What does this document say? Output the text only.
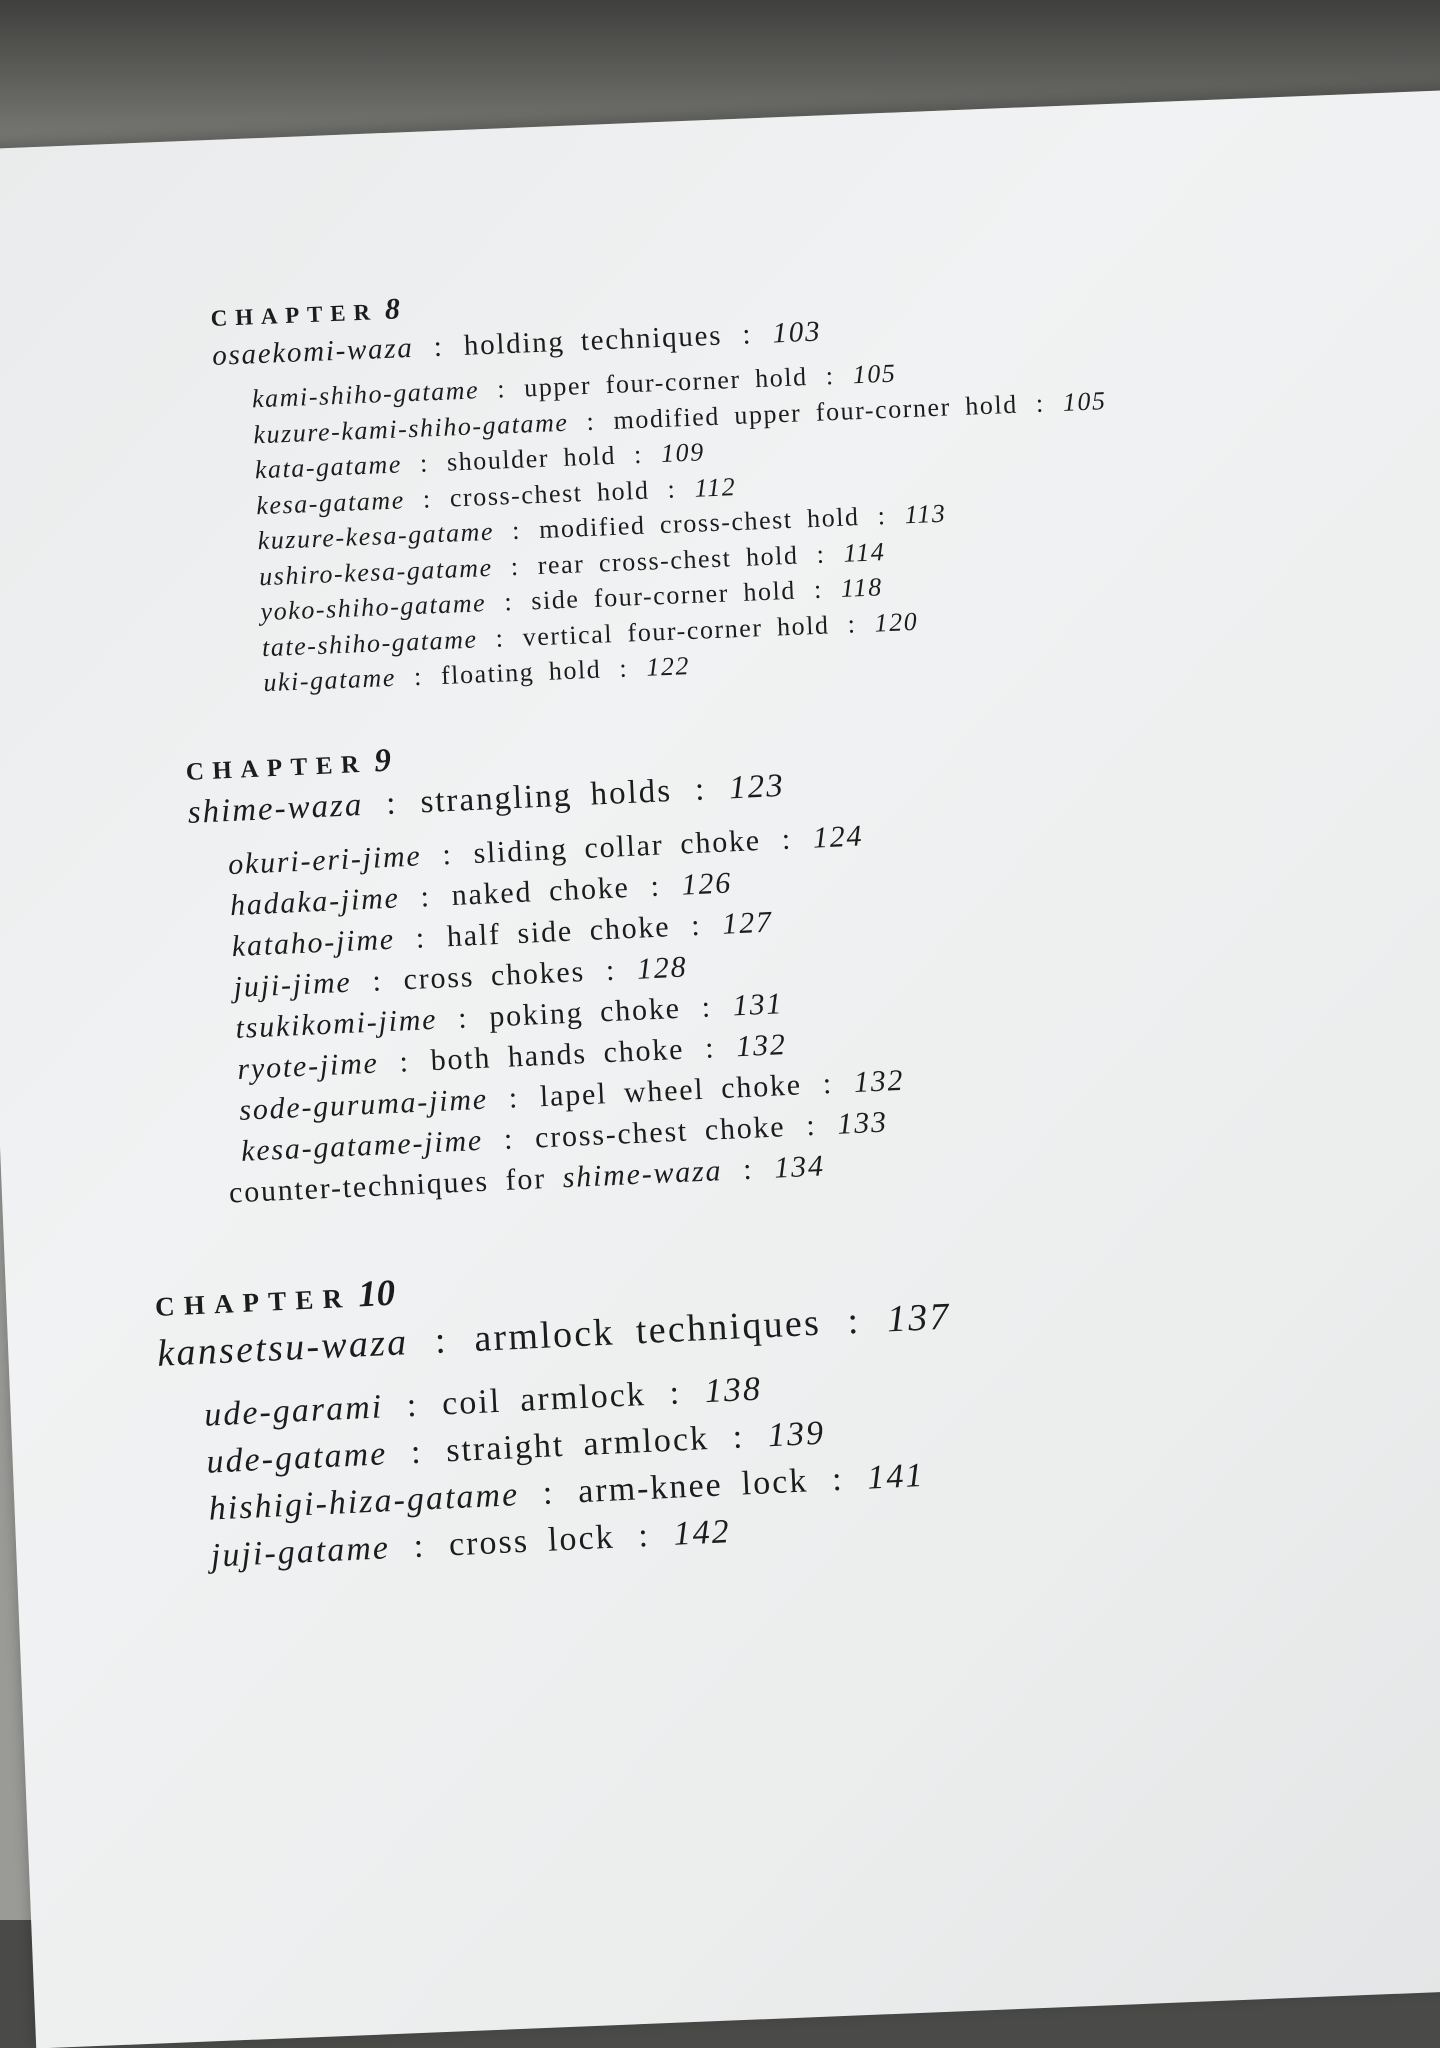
CHAPTER 8
osaekomi-waza : holding techniques : 103
kami-shiho-gatame : upper four-corner hold : 105
kuzure-kami-shiho-gatame : modified upper four-corner hold : 105
kata-gatame : shoulder hold : 109
kesa-gatame : cross-chest hold : 112
kuzure-kesa-gatame : modified cross-chest hold : 113
ushiro-kesa-gatame : rear cross-chest hold : 114
yoko-shiho-gatame : side four-corner hold : 118
tate-shiho-gatame : vertical four-corner hold : 120
uki-gatame : floating hold : 122
CHAPTER 9
shime-waza : strangling holds : 123
okuri-eri-jime : sliding collar choke : 124
hadaka-jime : naked choke : 126
kataho-jime : half side choke : 127
juji-jime : cross chokes : 128
tsukikomi-jime : poking choke : 131
ryote-jime : both hands choke : 132
sode-guruma-jime : lapel wheel choke : 132
kesa-gatame-jime : cross-chest choke : 133
counter-techniques for shime-waza : 134
CHAPTER 10
kansetsu-waza : armlock techniques : 137
ude-garami : coil armlock : 138
ude-gatame : straight armlock : 139
hishigi-hiza-gatame : arm-knee lock : 141
juji-gatame : cross lock : 142
